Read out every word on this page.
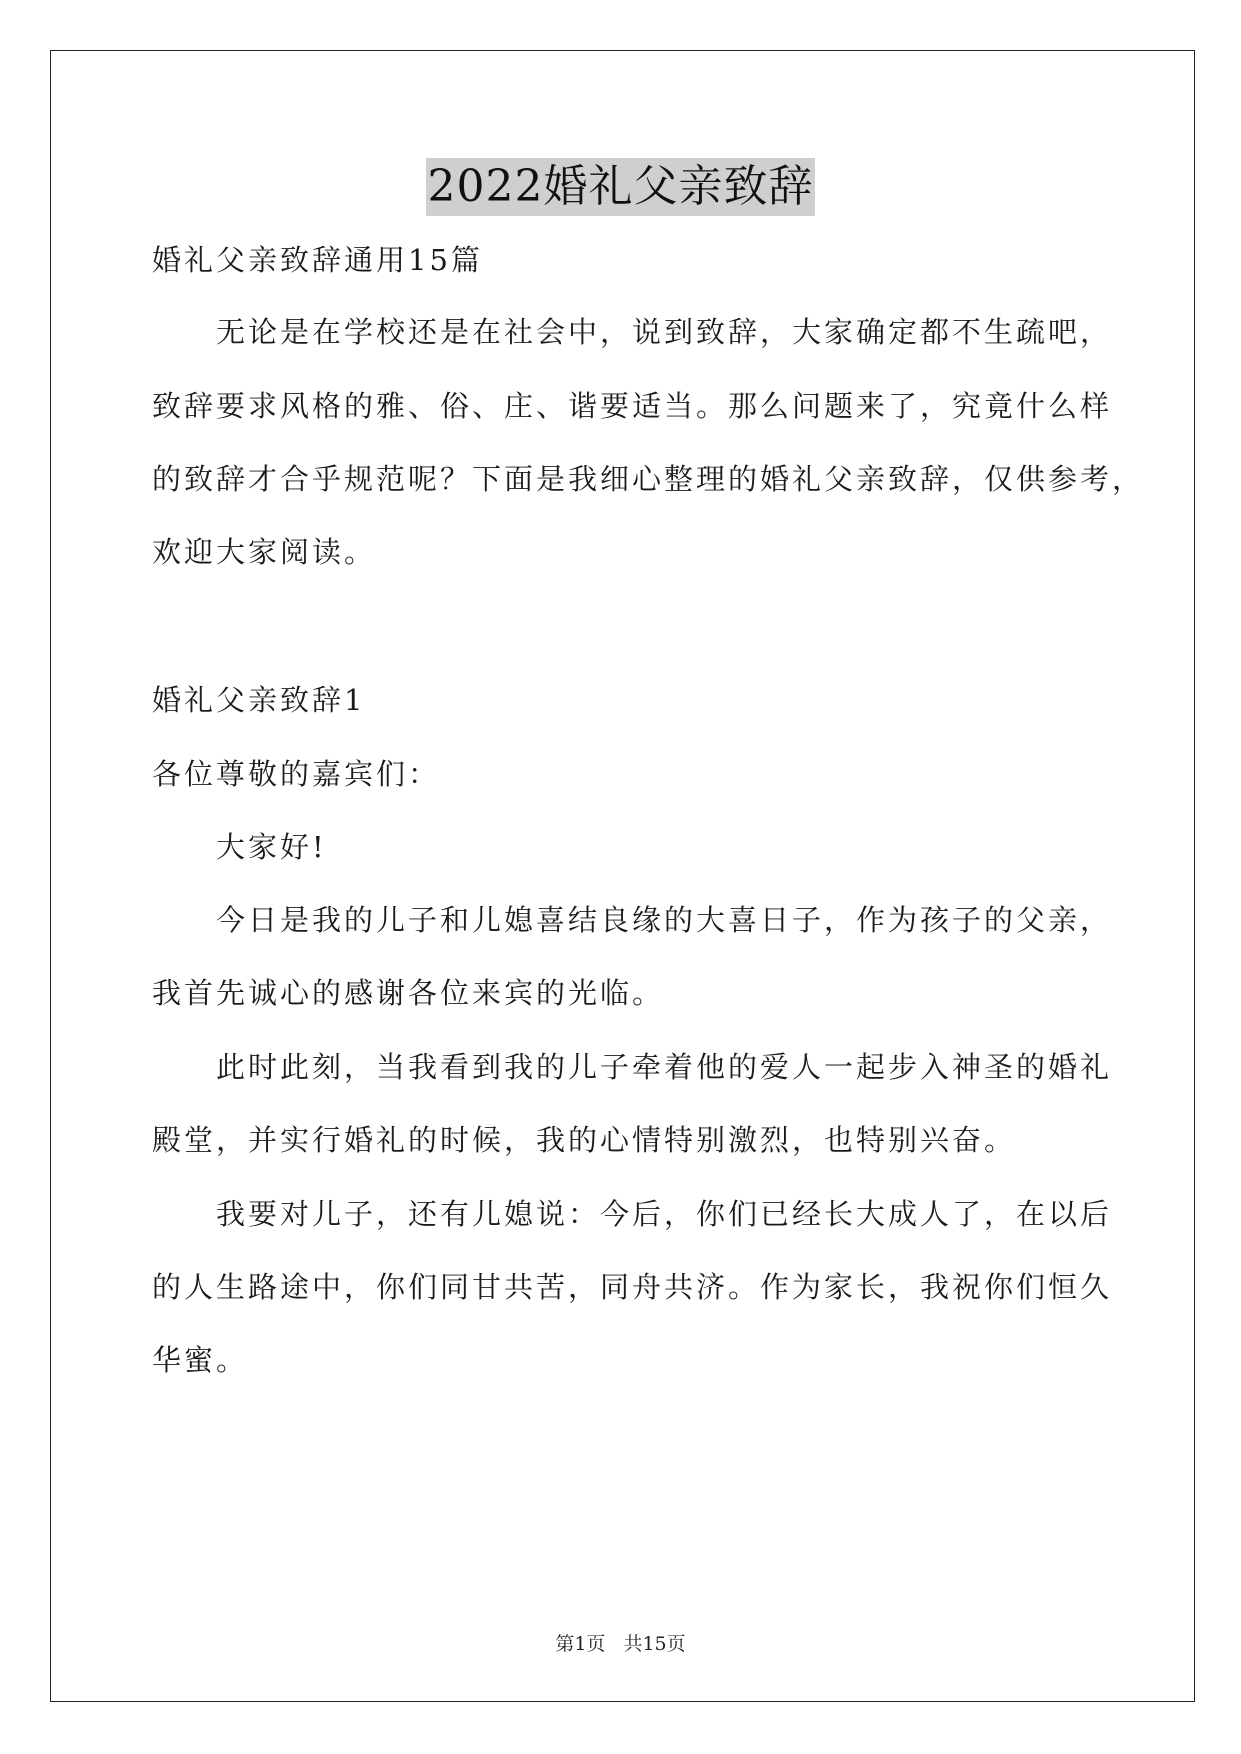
2022婚礼父亲致辞
婚礼父亲致辞通用15篇
无论是在学校还是在社会中，说到致辞，大家确定都不生疏吧，
致辞要求风格的雅、俗、庄、谐要适当。那么问题来了，究竟什么样
的致辞才合乎规范呢？下面是我细心整理的婚礼父亲致辞，仅供参考，
欢迎大家阅读。
婚礼父亲致辞1
各位尊敬的嘉宾们：
大家好!
今日是我的儿子和儿媳喜结良缘的大喜日子，作为孩子的父亲，
我首先诚心的感谢各位来宾的光临。
此时此刻，当我看到我的儿子牵着他的爱人一起步入神圣的婚礼
殿堂，并实行婚礼的时候，我的心情特别激烈，也特别兴奋。
我要对儿子，还有儿媳说：今后，你们已经长大成人了，在以后
的人生路途中，你们同甘共苦，同舟共济。作为家长，我祝你们恒久
华蜜。
第1页 共15页
